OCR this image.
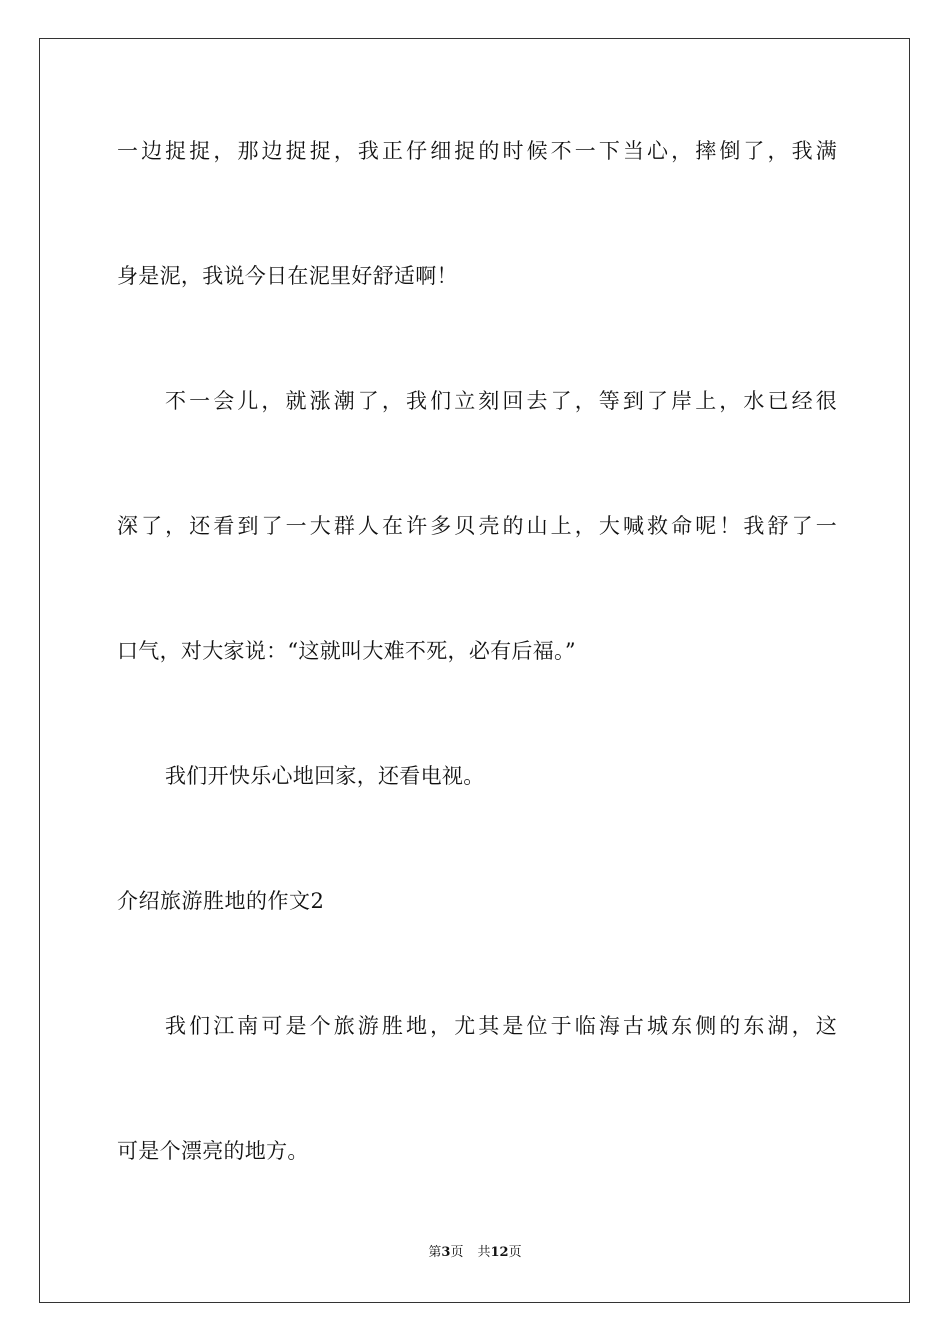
一边捉捉，那边捉捉，我正仔细捉的时候不一下当心，摔倒了，我满
身是泥，我说今日在泥里好舒适啊！
不一会儿，就涨潮了，我们立刻回去了，等到了岸上，水已经很
深了，还看到了一大群人在许多贝壳的山上，大喊救命呢！我舒了一
口气，对大家说：“这就叫大难不死，必有后福。”
我们开快乐心地回家，还看电视。
介绍旅游胜地的作文2
我们江南可是个旅游胜地，尤其是位于临海古城东侧的东湖，这
可是个漂亮的地方。
第3页 共12页
